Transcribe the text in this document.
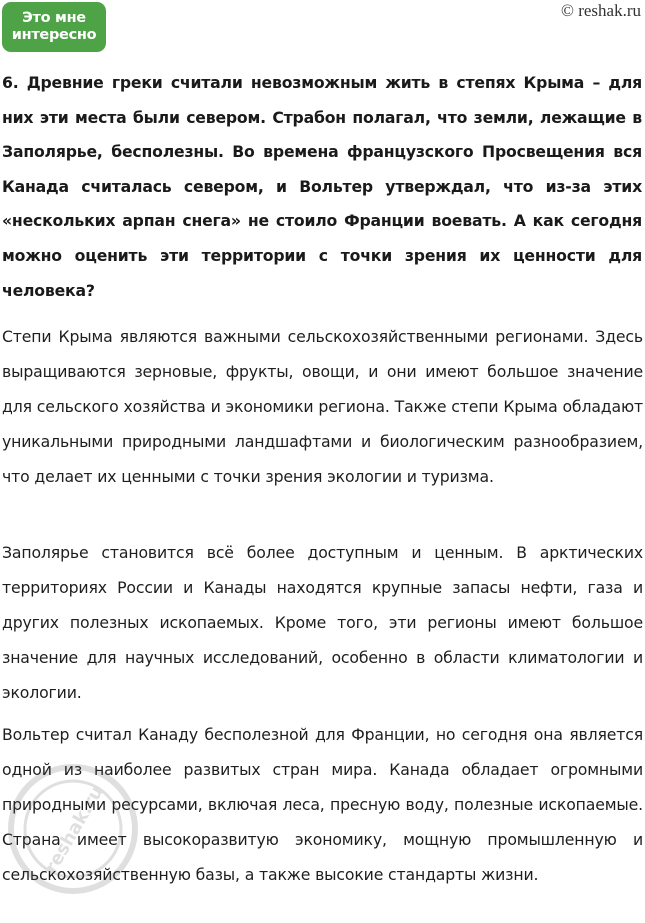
Это мне
интересно
© reshak.ru

6. Древние греки считали невозможным жить в степях Крыма – для них эти места были севером. Страбон полагал, что земли, лежащие в Заполярье, бесполезны. Во времена французского Просвещения вся Канада считалась севером, и Вольтер утверждал, что из-за этих «нескольких арпан снега» не стоило Франции воевать. А как сегодня можно оценить эти территории с точки зрения их ценности для человека?

Степи Крыма являются важными сельскохозяйственными регионами. Здесь выращиваются зерновые, фрукты, овощи, и они имеют большое значение для сельского хозяйства и экономики региона. Также степи Крыма обладают уникальными природными ландшафтами и биологическим разнообразием, что делает их ценными с точки зрения экологии и туризма.

Заполярье становится всё более доступным и ценным. В арктических территориях России и Канады находятся крупные запасы нефти, газа и других полезных ископаемых. Кроме того, эти регионы имеют большое значение для научных исследований, особенно в области климатологии и экологии.

Вольтер считал Канаду бесполезной для Франции, но сегодня она является одной из наиболее развитых стран мира. Канада обладает огромными природными ресурсами, включая леса, пресную воду, полезные ископаемые. Страна имеет высокоразвитую экономику, мощную промышленную и сельскохозяйственную базы, а также высокие стандарты жизни.

reshak.ru
